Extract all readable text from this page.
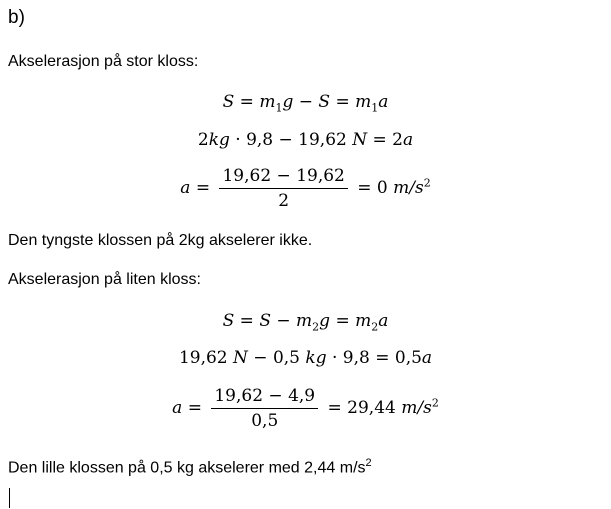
b)
Akselerasjon på stor kloss:
$S = m_1g - S = m_1a$
2kg · 9,8 − 19,62 N = 2a
$a = \frac{19,62 - 19,62}{2} = 0$ $m/s^2$
Den tyngste klossen på 2kg akselerer ikke.
Akselerasjon på liten kloss:
$S = S - m_2g = m_2a$
19,62 N − 0,5 kg · 9,8 = 0,5a
$a = \frac{19,62 - 4,9}{0,5} = 29,44$ $m/s^2$
Den lille klossen på 0,5 kg akselerer med 2,44 $m/s^2$
